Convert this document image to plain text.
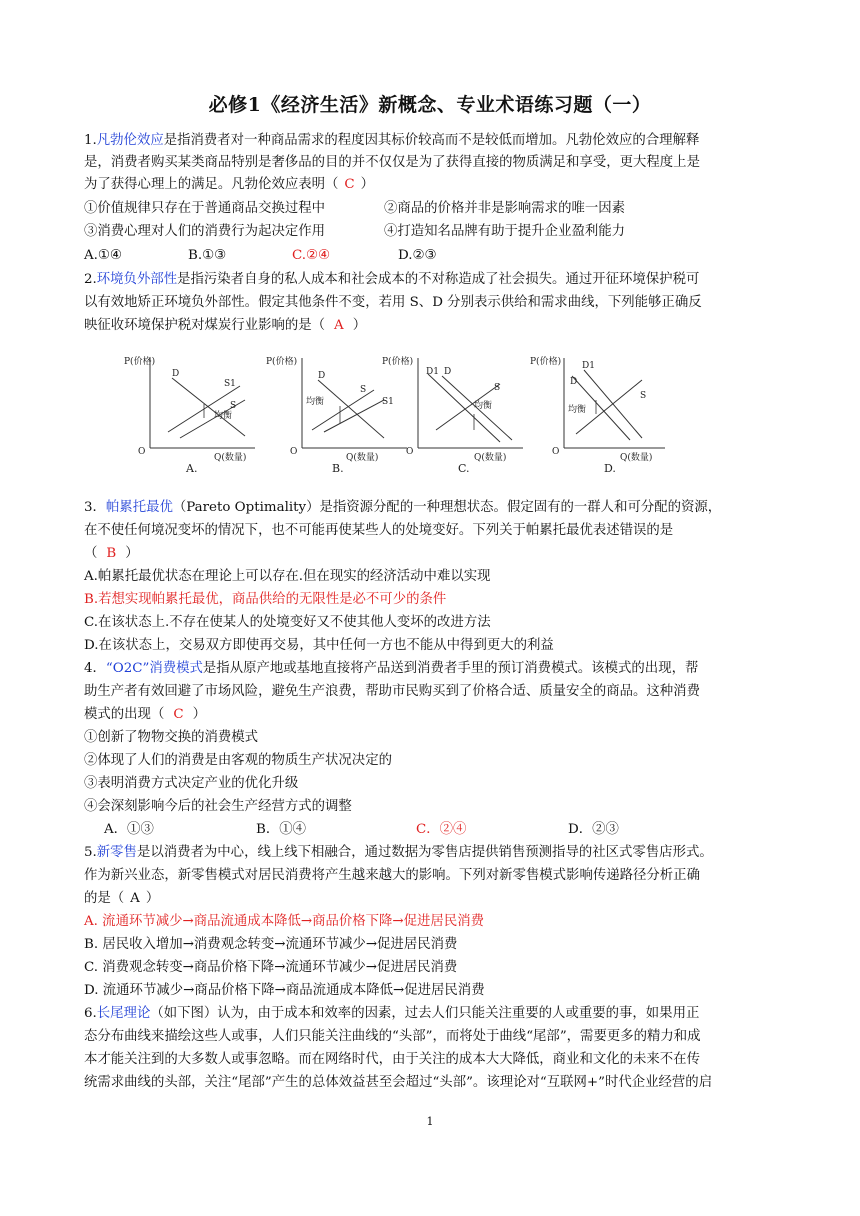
必修1《经济生活》新概念、专业术语练习题（一）
1.凡勃伦效应是指消费者对一种商品需求的程度因其标价较高而不是较低而增加。凡勃伦效应的合理解释
是，消费者购买某类商品特别是奢侈品的目的并不仅仅是为了获得直接的物质满足和享受，更大程度上是
为了获得心理上的满足。凡勃伦效应表明（ C ）
①价值规律只存在于普通商品交换过程中	②商品的价格并非是影响需求的唯一因素
③消费心理对人们的消费行为起决定作用	④打造知名品牌有助于提升企业盈利能力
A.①④	B.①③	C.②④	D.②③
2.环境负外部性是指污染者自身的私人成本和社会成本的不对称造成了社会损失。通过开征环境保护税可
以有效地矫正环境负外部性。假定其他条件不变，若用 S、D 分别表示供给和需求曲线，下列能够正确反
映征收环境保护税对煤炭行业影响的是（ A ）
P(价格)
O
Q(数量)
D
S1
S
均衡
A.
P(价格)
O
Q(数量)
D
S
S1
均衡
B.
P(价格)
O
Q(数量)
D1 D
S
均衡
C.
P(价格)
O
Q(数量)
D
D1
S
均衡
D.
3．帕累托最优（Pareto Optimality）是指资源分配的一种理想状态。假定固有的一群人和可分配的资源，
在不使任何境况变坏的情况下，也不可能再使某些人的处境变好。下列关于帕累托最优表述错误的是
（ B ）
A.帕累托最优状态在理论上可以存在.但在现实的经济活动中难以实现
B.若想实现帕累托最优，商品供给的无限性是必不可少的条件
C.在该状态上.不存在使某人的处境变好又不使其他人变坏的改进方法
D.在该状态上，交易双方即使再交易，其中任何一方也不能从中得到更大的利益
4．“O2C”消费模式是指从原产地或基地直接将产品送到消费者手里的预订消费模式。该模式的出现，帮
助生产者有效回避了市场风险，避免生产浪费，帮助市民购买到了价格合适、质量安全的商品。这种消费
模式的出现（ C ）
①创新了物物交换的消费模式
②体现了人们的消费是由客观的物质生产状况决定的
③表明消费方式决定产业的优化升级
④会深刻影响今后的社会生产经营方式的调整
A．①③	B．①④	C．②④	D．②③
5.新零售是以消费者为中心，线上线下相融合，通过数据为零售店提供销售预测指导的社区式零售店形式。
作为新兴业态，新零售模式对居民消费将产生越来越大的影响。下列对新零售模式影响传递路径分析正确
的是（ A ）
A. 流通环节减少→商品流通成本降低→商品价格下降→促进居民消费
B. 居民收入增加→消费观念转变→流通环节减少→促进居民消费
C. 消费观念转变→商品价格下降→流通环节减少→促进居民消费
D. 流通环节减少→商品价格下降→商品流通成本降低→促进居民消费
6.长尾理论（如下图）认为，由于成本和效率的因素，过去人们只能关注重要的人或重要的事，如果用正
态分布曲线来描绘这些人或事，人们只能关注曲线的“头部”，而将处于曲线“尾部”，需要更多的精力和成
本才能关注到的大多数人或事忽略。而在网络时代，由于关注的成本大大降低，商业和文化的未来不在传
统需求曲线的头部，关注“尾部”产生的总体效益甚至会超过“头部”。该理论对“互联网+”时代企业经营的启
1
